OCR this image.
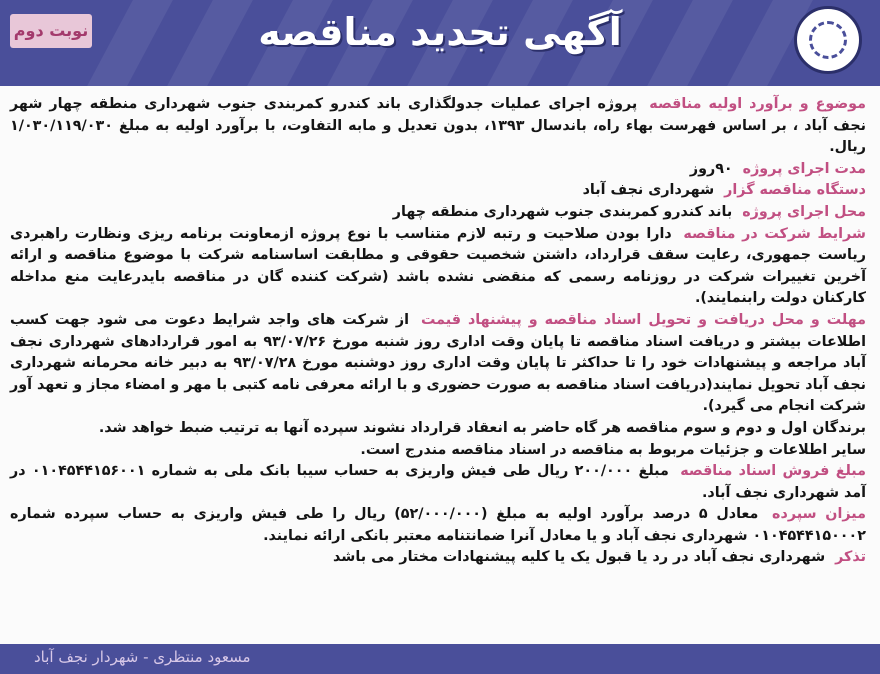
نوبت دوم	آگهی تجدید مناقصه

موضوع و برآورد اولیه مناقصه پروژه اجرای عملیات جدولگذاری باند کندرو کمربندی جنوب شهرداری منطقه چهار شهر نجف آباد ، بر اساس فهرست بهاء راه، باندسال ۱۳۹۳، بدون تعدیل و مابه التفاوت، با برآورد اولیه به مبلغ ۱/۰۳۰/۱۱۹/۰۳۰ ریال.

مدت اجرای پروژه ۹۰روز

دستگاه مناقصه گزار شهرداری نجف آباد

محل اجرای پروژه باند کندرو کمربندی جنوب شهرداری منطقه چهار

شرایط شرکت در مناقصه دارا بودن صلاحیت و رتبه لازم متناسب با نوع پروژه ازمعاونت برنامه ریزی ونظارت راهبردی ریاست جمهوری، رعایت سقف قرارداد، داشتن شخصیت حقوقی و مطابقت اساسنامه شرکت با موضوع مناقصه و ارائه آخرین تغییرات شرکت در روزنامه رسمی که منقضی نشده باشد (شرکت کننده گان در مناقصه بایدرعایت منع مداخله کارکنان دولت رابنمایند).

مهلت و محل دریافت و تحویل اسناد مناقصه و پیشنهاد قیمت از شرکت های واجد شرایط دعوت می شود جهت کسب اطلاعات بیشتر و دریافت اسناد مناقصه تا پایان وقت اداری روز شنبه مورخ ۹۳/۰۷/۲۶ به امور قراردادهای شهرداری نجف آباد مراجعه و پیشنهادات خود را تا حداکثر تا پایان وقت اداری روز دوشنبه مورخ ۹۳/۰۷/۲۸ به دبیر خانه محرمانه شهرداری نجف آباد تحویل نمایند(دریافت اسناد مناقصه به صورت حضوری و با ارائه معرفی نامه کتبی با مهر و امضاء مجاز و تعهد آور شرکت انجام می گیرد).

برندگان اول و دوم و سوم مناقصه هر گاه حاضر به انعقاد قرارداد نشوند سپرده آنها به ترتیب ضبط خواهد شد.

سایر اطلاعات و جزئیات مربوط به مناقصه در اسناد مناقصه مندرج است.

مبلغ فروش اسناد مناقصه مبلغ ۲۰۰/۰۰۰ ریال طی فیش واریزی به حساب سیبا بانک ملی به شماره ۰۱۰۴۵۴۴۱۵۶۰۰۱ در آمد شهرداری نجف آباد.

میزان سپرده معادل ۵ درصد برآورد اولیه به مبلغ (۵۲/۰۰۰/۰۰۰) ریال را طی فیش واریزی به حساب سپرده شماره ۰۱۰۴۵۴۴۱۵۰۰۰۲ شهرداری نجف آباد و یا معادل آنرا ضمانتنامه معتبر بانکی ارائه نمایند.

تذکر شهرداری نجف آباد در رد یا قبول یک یا کلیه پیشنهادات مختار می باشد

مسعود منتظری - شهردار نجف آباد
